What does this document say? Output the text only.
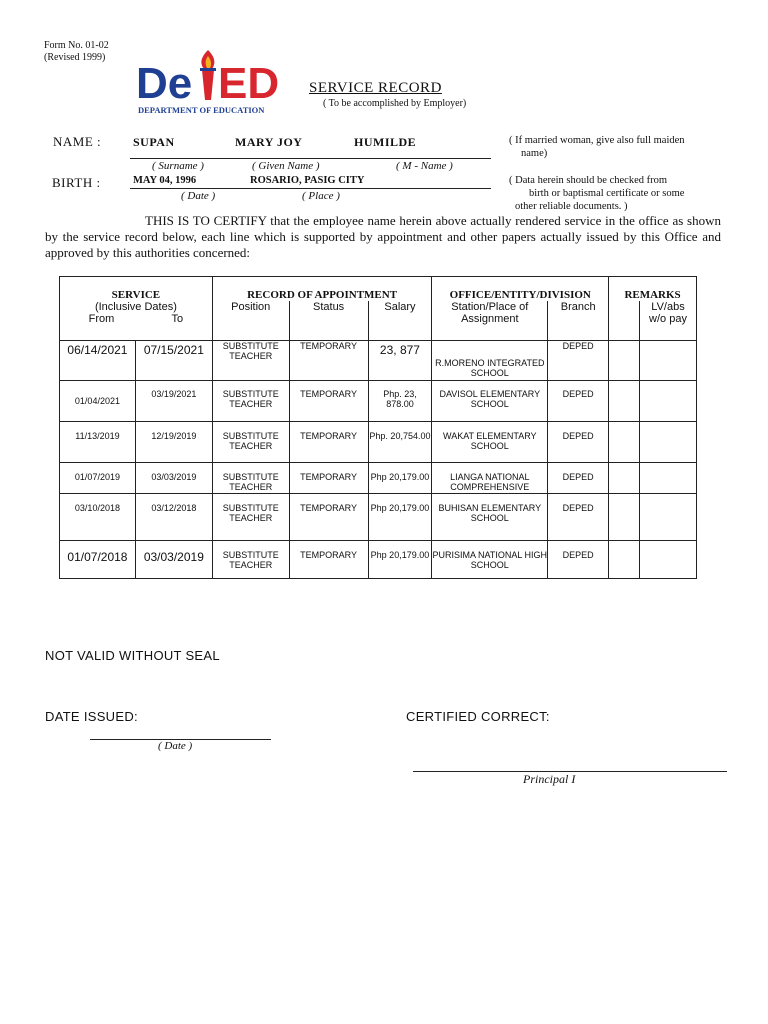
Form No. 01-02
(Revised 1999)
De ED
DEPARTMENT OF EDUCATION
SERVICE RECORD
( To be accomplished by Employer)
NAME :	SUPAN	MARY JOY	HUMILDE
( Surname )	( Given Name )	( M - Name )
( If married woman, give also full maiden
name)
BIRTH :	MAY 04, 1996	ROSARIO, PASIG CITY
( Date )	( Place )
( Data herein should be checked from
birth or baptismal certificate or some
other reliable documents. )
THIS IS TO CERTIFY that the employee name herein above actually rendered service in the office as shown by the service record below, each line which is supported by appointment and other papers actually issued by this Office and approved by this authorities concerned:
SERVICE		RECORD OF APPOINTMENT			OFFICE/ENTITY/DIVISION		REMARKS	

(Inclusive Dates)
From To		Position	Status	Salary	Station/Place of Assignment	Branch		LV/abs w/o pay
06/14/2021	07/15/2021	SUBSTITUTE TEACHER	TEMPORARY	23, 877	R.MORENO INTEGRATED SCHOOL	DEPED		
01/04/2021	03/19/2021	SUBSTITUTE TEACHER	TEMPORARY	Php. 23, 878.00	DAVISOL ELEMENTARY SCHOOL	DEPED		
11/13/2019	12/19/2019	SUBSTITUTE TEACHER	TEMPORARY	Php. 20,754.00	WAKAT ELEMENTARY SCHOOL	DEPED		
01/07/2019	03/03/2019	SUBSTITUTE TEACHER	TEMPORARY	Php 20,179.00	LIANGA NATIONAL COMPREHENSIVE	DEPED		
03/10/2018	03/12/2018	SUBSTITUTE TEACHER	TEMPORARY	Php 20,179.00	BUHISAN ELEMENTARY SCHOOL	DEPED		
01/07/2018	03/03/2019	SUBSTITUTE TEACHER	TEMPORARY	Php 20,179.00	PURISIMA NATIONAL HIGH SCHOOL	DEPED		
NOT VALID WITHOUT SEAL
DATE ISSUED:
( Date )
CERTIFIED CORRECT:
Principal I
